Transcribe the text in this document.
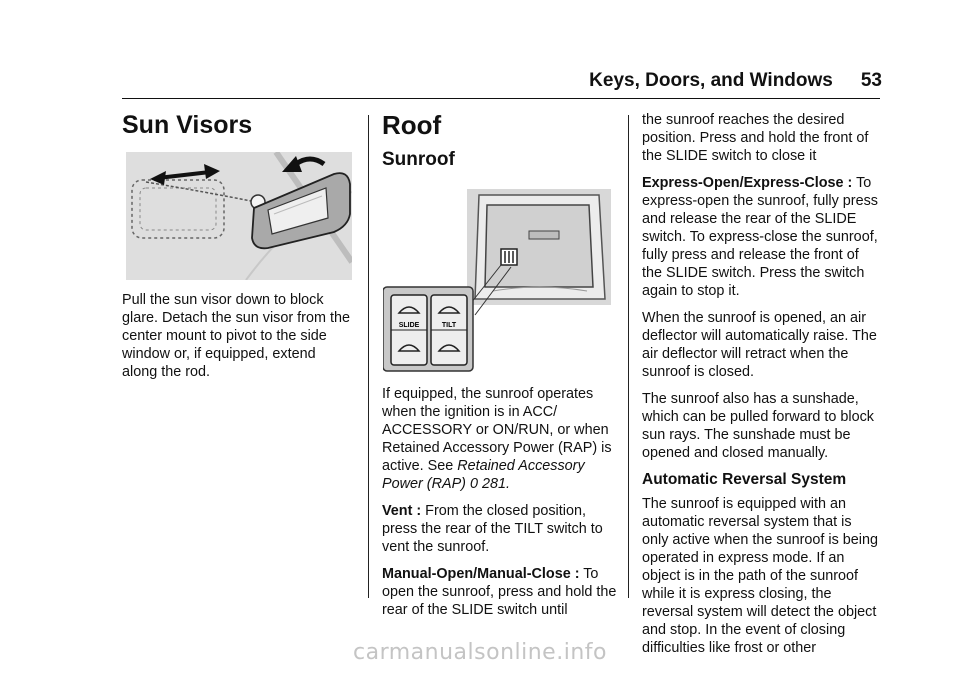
Keys, Doors, and Windows 53
Sun Visors

Pull the sun visor down to block glare. Detach the sun visor from the center mount to pivot to the side window or, if equipped, extend along the rod.

Roof
Sunroof
SLIDE	TILT

If equipped, the sunroof operates when the ignition is in ACC/ ACCESSORY or ON/RUN, or when Retained Accessory Power (RAP) is active. See Retained Accessory Power (RAP) 0 281.

Vent : From the closed position, press the rear of the TILT switch to vent the sunroof.

Manual-Open/Manual-Close : To open the sunroof, press and hold the rear of the SLIDE switch until

the sunroof reaches the desired position. Press and hold the front of the SLIDE switch to close it

Express-Open/Express-Close : To express-open the sunroof, fully press and release the rear of the SLIDE switch. To express-close the sunroof, fully press and release the front of the SLIDE switch. Press the switch again to stop it.

When the sunroof is opened, an air deflector will automatically raise. The air deflector will retract when the sunroof is closed.

The sunroof also has a sunshade, which can be pulled forward to block sun rays. The sunshade must be opened and closed manually.

Automatic Reversal System

The sunroof is equipped with an automatic reversal system that is only active when the sunroof is being operated in express mode. If an object is in the path of the sunroof while it is express closing, the reversal system will detect the object and stop. In the event of closing difficulties like frost or other

carmanualsonline.info
